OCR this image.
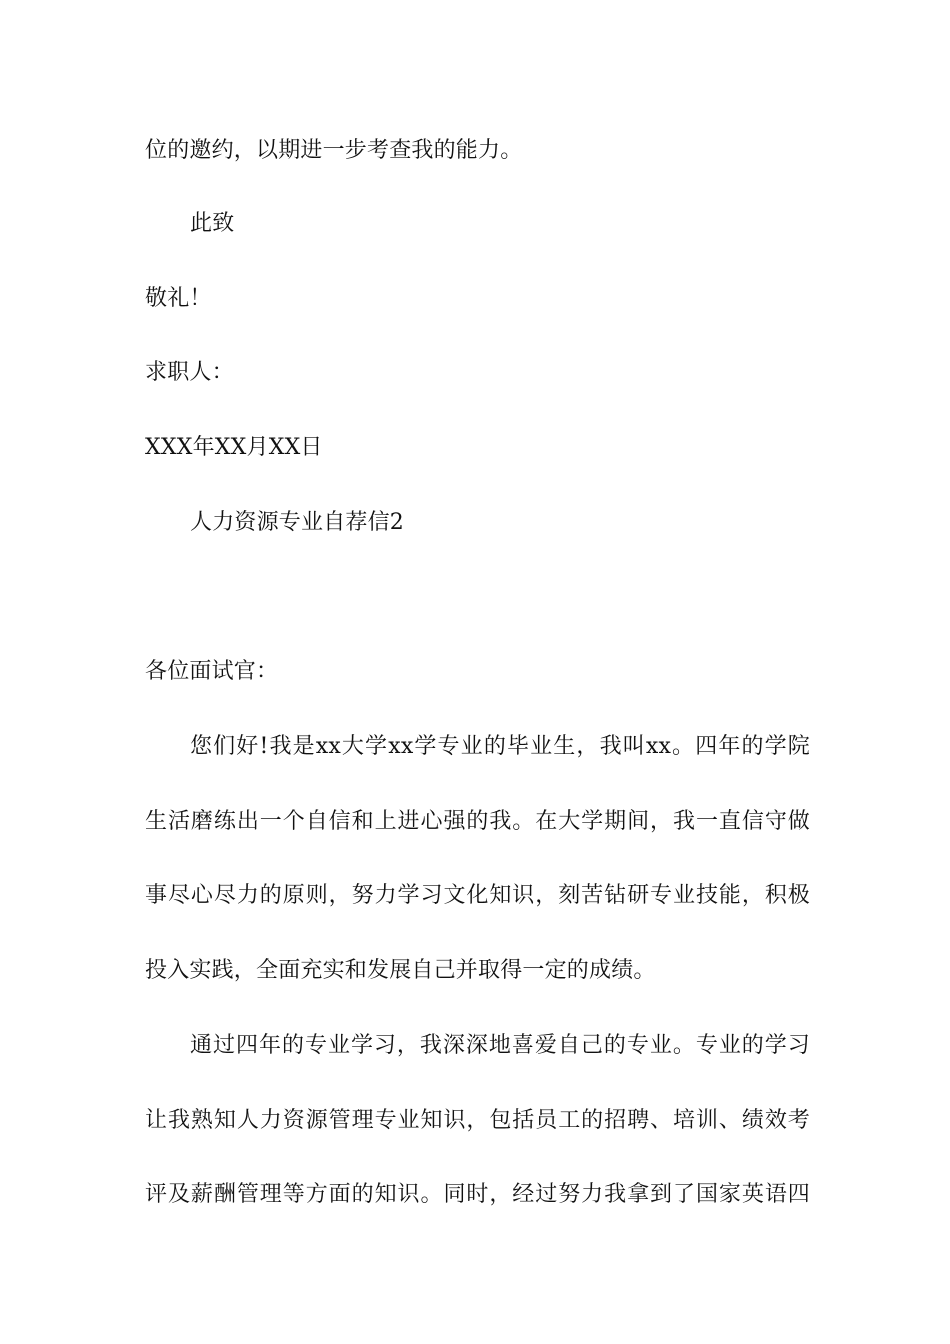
位的邀约，以期进一步考查我的能力。
此致
敬礼！
求职人：
XXX年XX月XX日
人力资源专业自荐信2
各位面试官：
您们好!我是xx大学xx学专业的毕业生，我叫xx。四年的学院
生活磨练出一个自信和上进心强的我。在大学期间，我一直信守做
事尽心尽力的原则，努力学习文化知识，刻苦钻研专业技能，积极
投入实践，全面充实和发展自己并取得一定的成绩。
通过四年的专业学习，我深深地喜爱自己的专业。专业的学习
让我熟知人力资源管理专业知识，包括员工的招聘、培训、绩效考
评及薪酬管理等方面的知识。同时，经过努力我拿到了国家英语四
